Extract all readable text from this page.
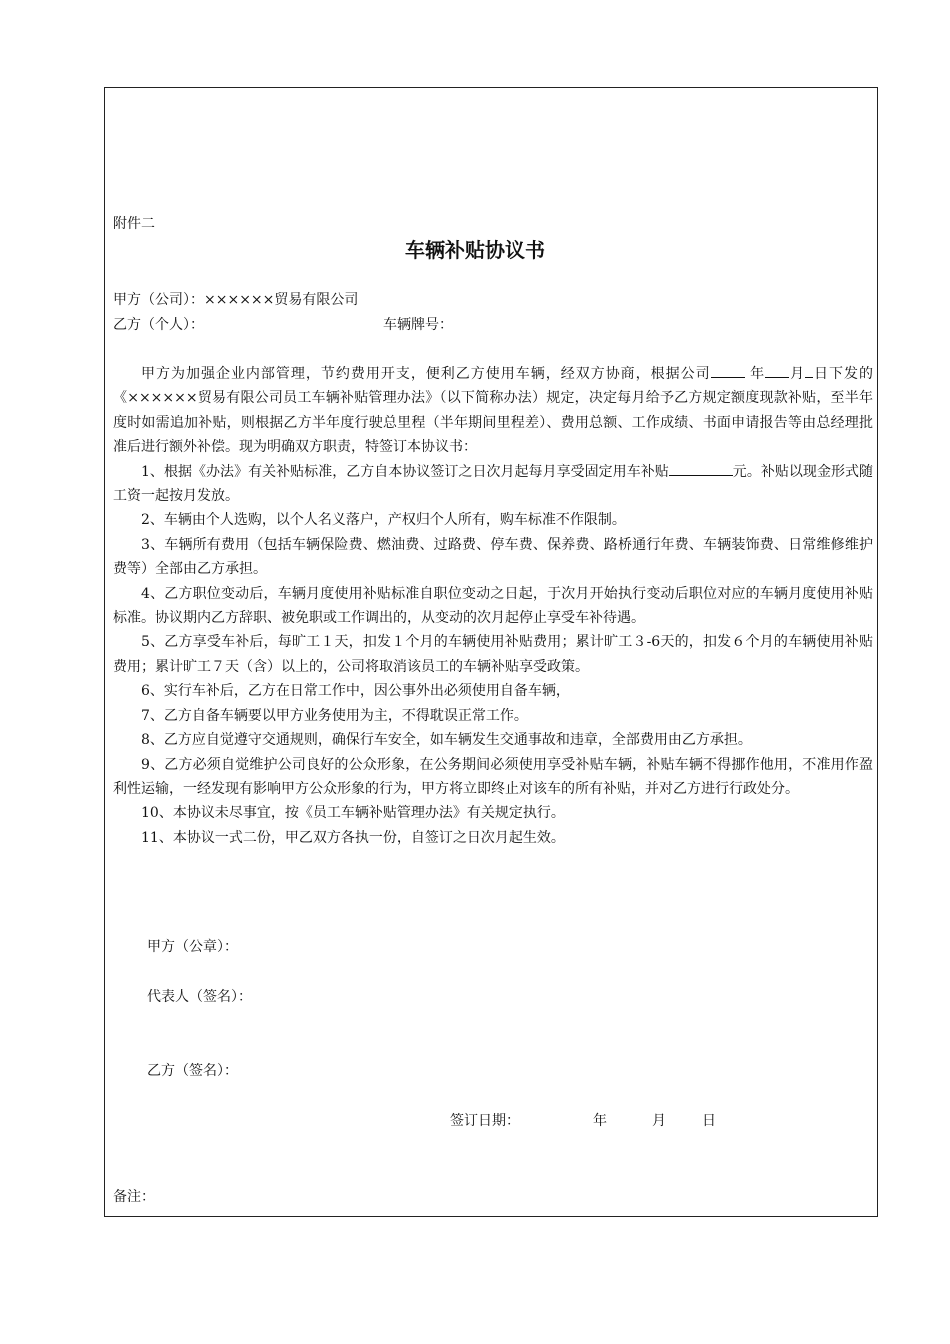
附件二
车辆补贴协议书
甲方（公司）：××××××贸易有限公司
乙方（个人）：	车辆牌号：

甲方为加强企业内部管理，节约费用开支，便利乙方使用车辆，经双方协商，根据公司	年 月 日下发的《××××××贸易有限公司员工车辆补贴管理办法》（以下简称办法）规定，决定每月给予乙方规定额度现款补贴，至半年度时如需追加补贴，则根据乙方半年度行驶总里程（半年期间里程差）、费用总额、工作成绩、书面申请报告等由总经理批准后进行额外补偿。现为明确双方职责，特签订本协议书：

1、根据《办法》有关补贴标准，乙方自本协议签订之日次月起每月享受固定用车补贴	元。补贴以现金形式随工资一起按月发放。

2、车辆由个人选购，以个人名义落户，产权归个人所有，购车标准不作限制。

3、车辆所有费用（包括车辆保险费、燃油费、过路费、停车费、保养费、路桥通行年费、车辆装饰费、日常维修维护费等）全部由乙方承担。

4、乙方职位变动后，车辆月度使用补贴标准自职位变动之日起，于次月开始执行变动后职位对应的车辆月度使用补贴标准。协议期内乙方辞职、被免职或工作调出的，从变动的次月起停止享受车补待遇。

5、乙方享受车补后，每旷工１天，扣发１个月的车辆使用补贴费用；累计旷工３-6天的，扣发６个月的车辆使用补贴费用；累计旷工７天（含）以上的，公司将取消该员工的车辆补贴享受政策。

6、实行车补后，乙方在日常工作中，因公事外出必须使用自备车辆，

7、乙方自备车辆要以甲方业务使用为主，不得耽误正常工作。

8、乙方应自觉遵守交通规则，确保行车安全，如车辆发生交通事故和违章，全部费用由乙方承担。

9、乙方必须自觉维护公司良好的公众形象，在公务期间必须使用享受补贴车辆，补贴车辆不得挪作他用，不准用作盈利性运输，一经发现有影响甲方公众形象的行为，甲方将立即终止对该车的所有补贴，并对乙方进行行政处分。

10、本协议未尽事宜，按《员工车辆补贴管理办法》有关规定执行。

11、本协议一式二份，甲乙双方各执一份，自签订之日次月起生效。

甲方（公章）：
代表人（签名）：
乙方（签名）：
签订日期：	年	月	日
备注：
